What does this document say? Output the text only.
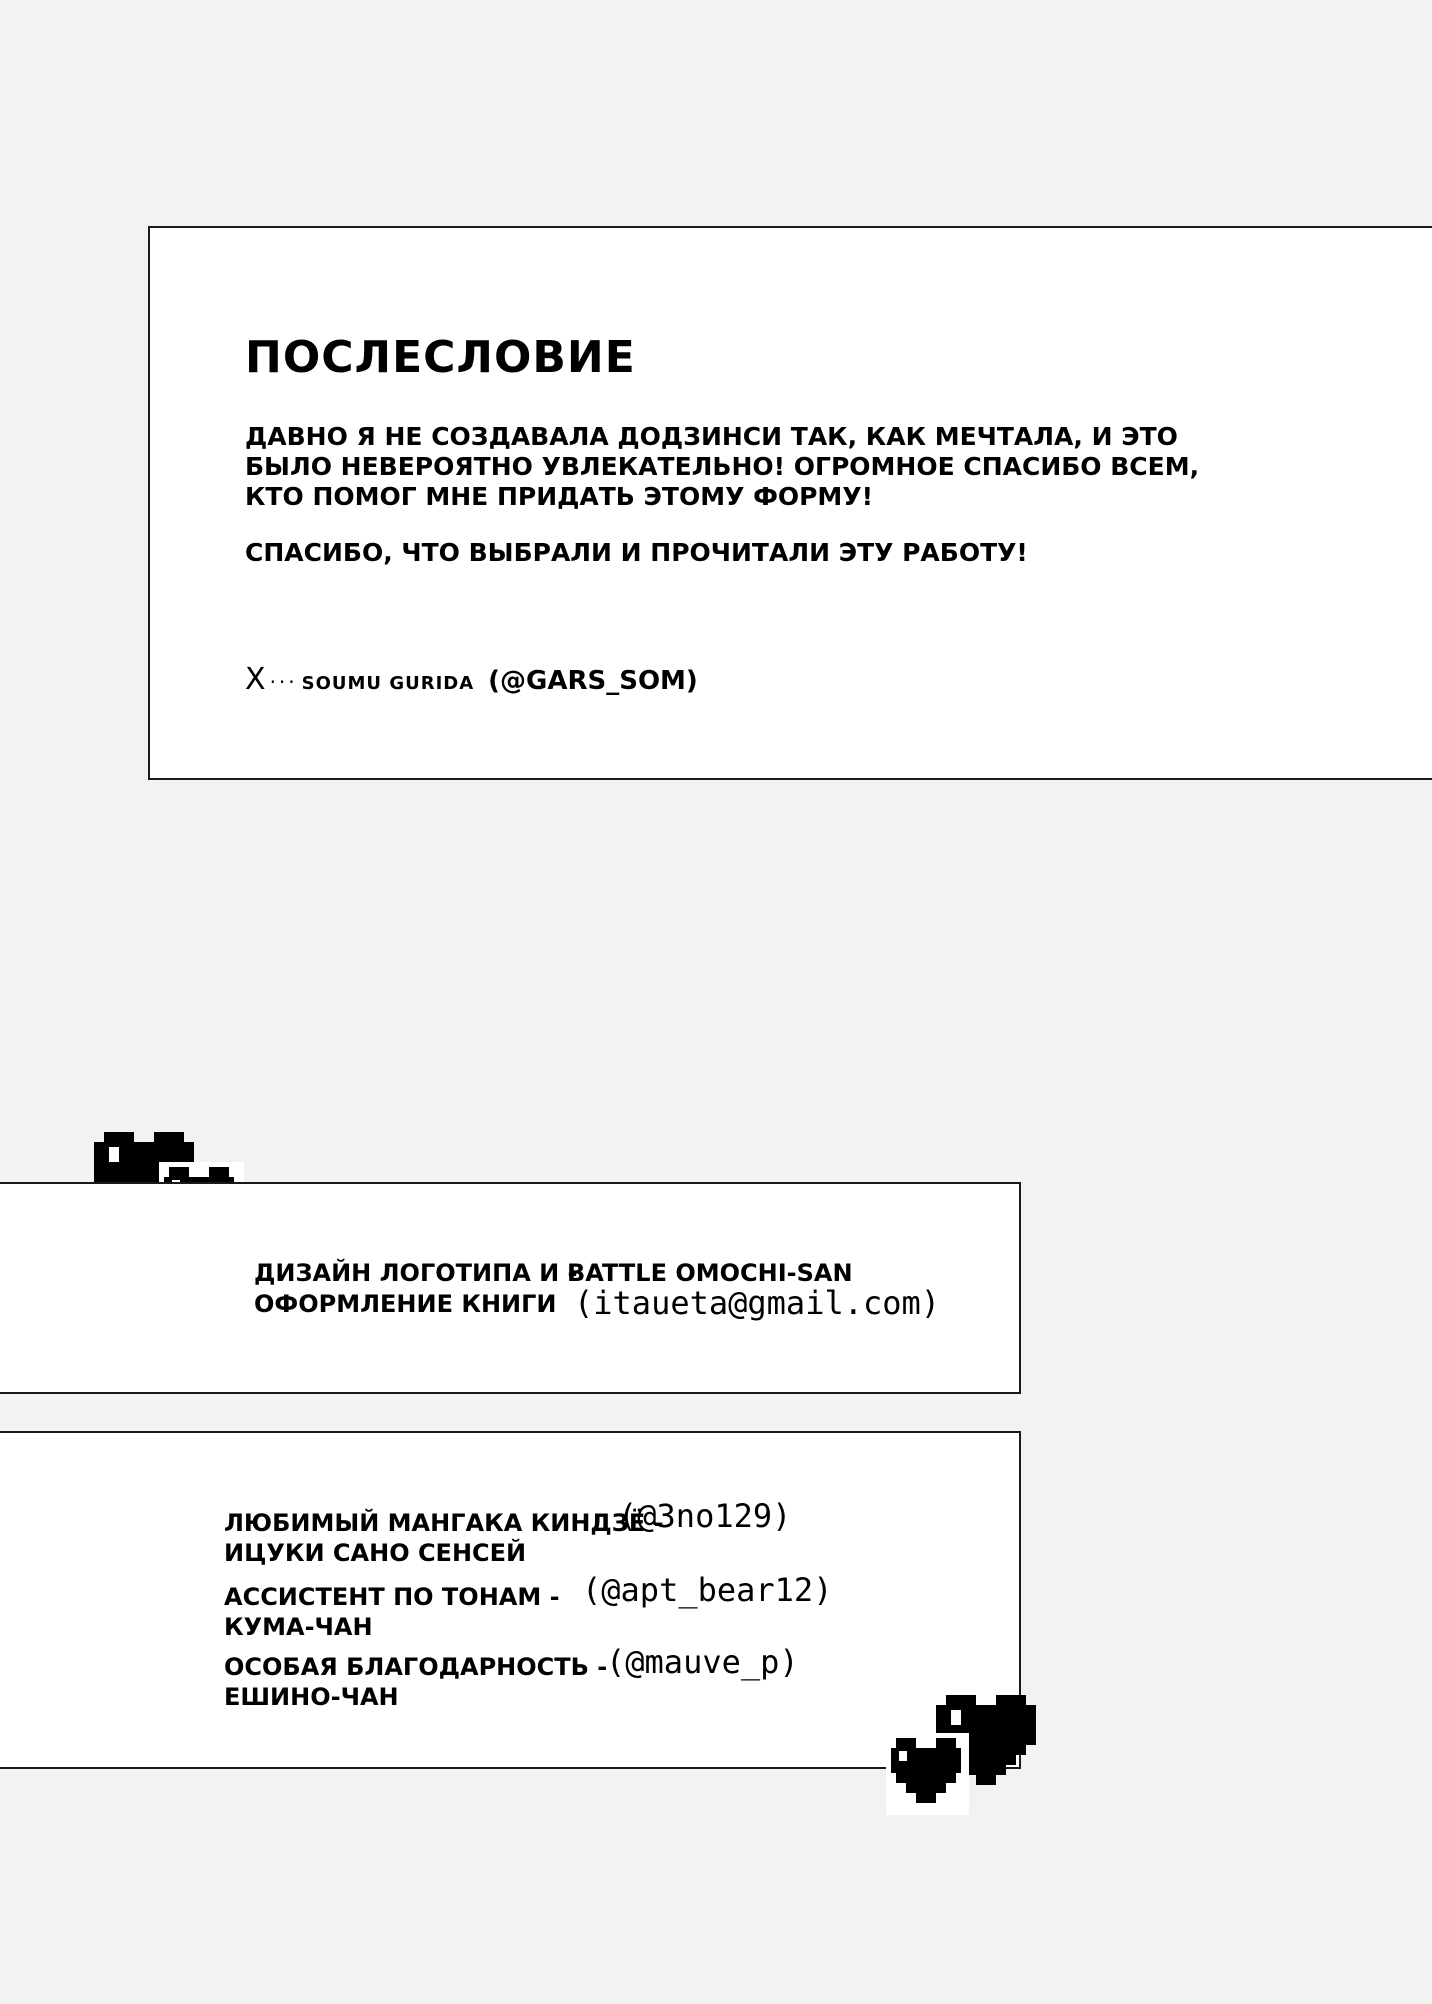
ПОСЛЕСЛОВИЕ

ДАВНО Я НЕ СОЗДАВАЛА ДОДЗИНСИ ТАК, КАК МЕЧТАЛА, И ЭТО БЫЛО НЕВЕРОЯТНО УВЛЕКАТЕЛЬНО! ОГРОМНОЕ СПАСИБО ВСЕМ, КТО ПОМОГ МНЕ ПРИДАТЬ ЭТОМУ ФОРМУ!

СПАСИБО, ЧТО ВЫБРАЛИ И ПРОЧИТАЛИ ЭТУ РАБОТУ!

X ··· SOUMU GURIDA (@GARS_SOM)
ДИЗАЙН ЛОГОТИПА И -
BATTLE OMOCHI-SAN
ОФОРМЛЕНИЕ КНИГИ (itaueta@gmail.com)
ЛЮБИМЫЙ МАНГАКА КИНДЗЁ -
ИЦУКИ САНО СЕНСЕЙ
(@3no129)
АССИСТЕНТ ПО ТОНАМ -
КУМА-ЧАН
(@apt_bear12)
ОСОБАЯ БЛАГОДАРНОСТЬ -
ЕШИНО-ЧАН
(@mauve_p)
